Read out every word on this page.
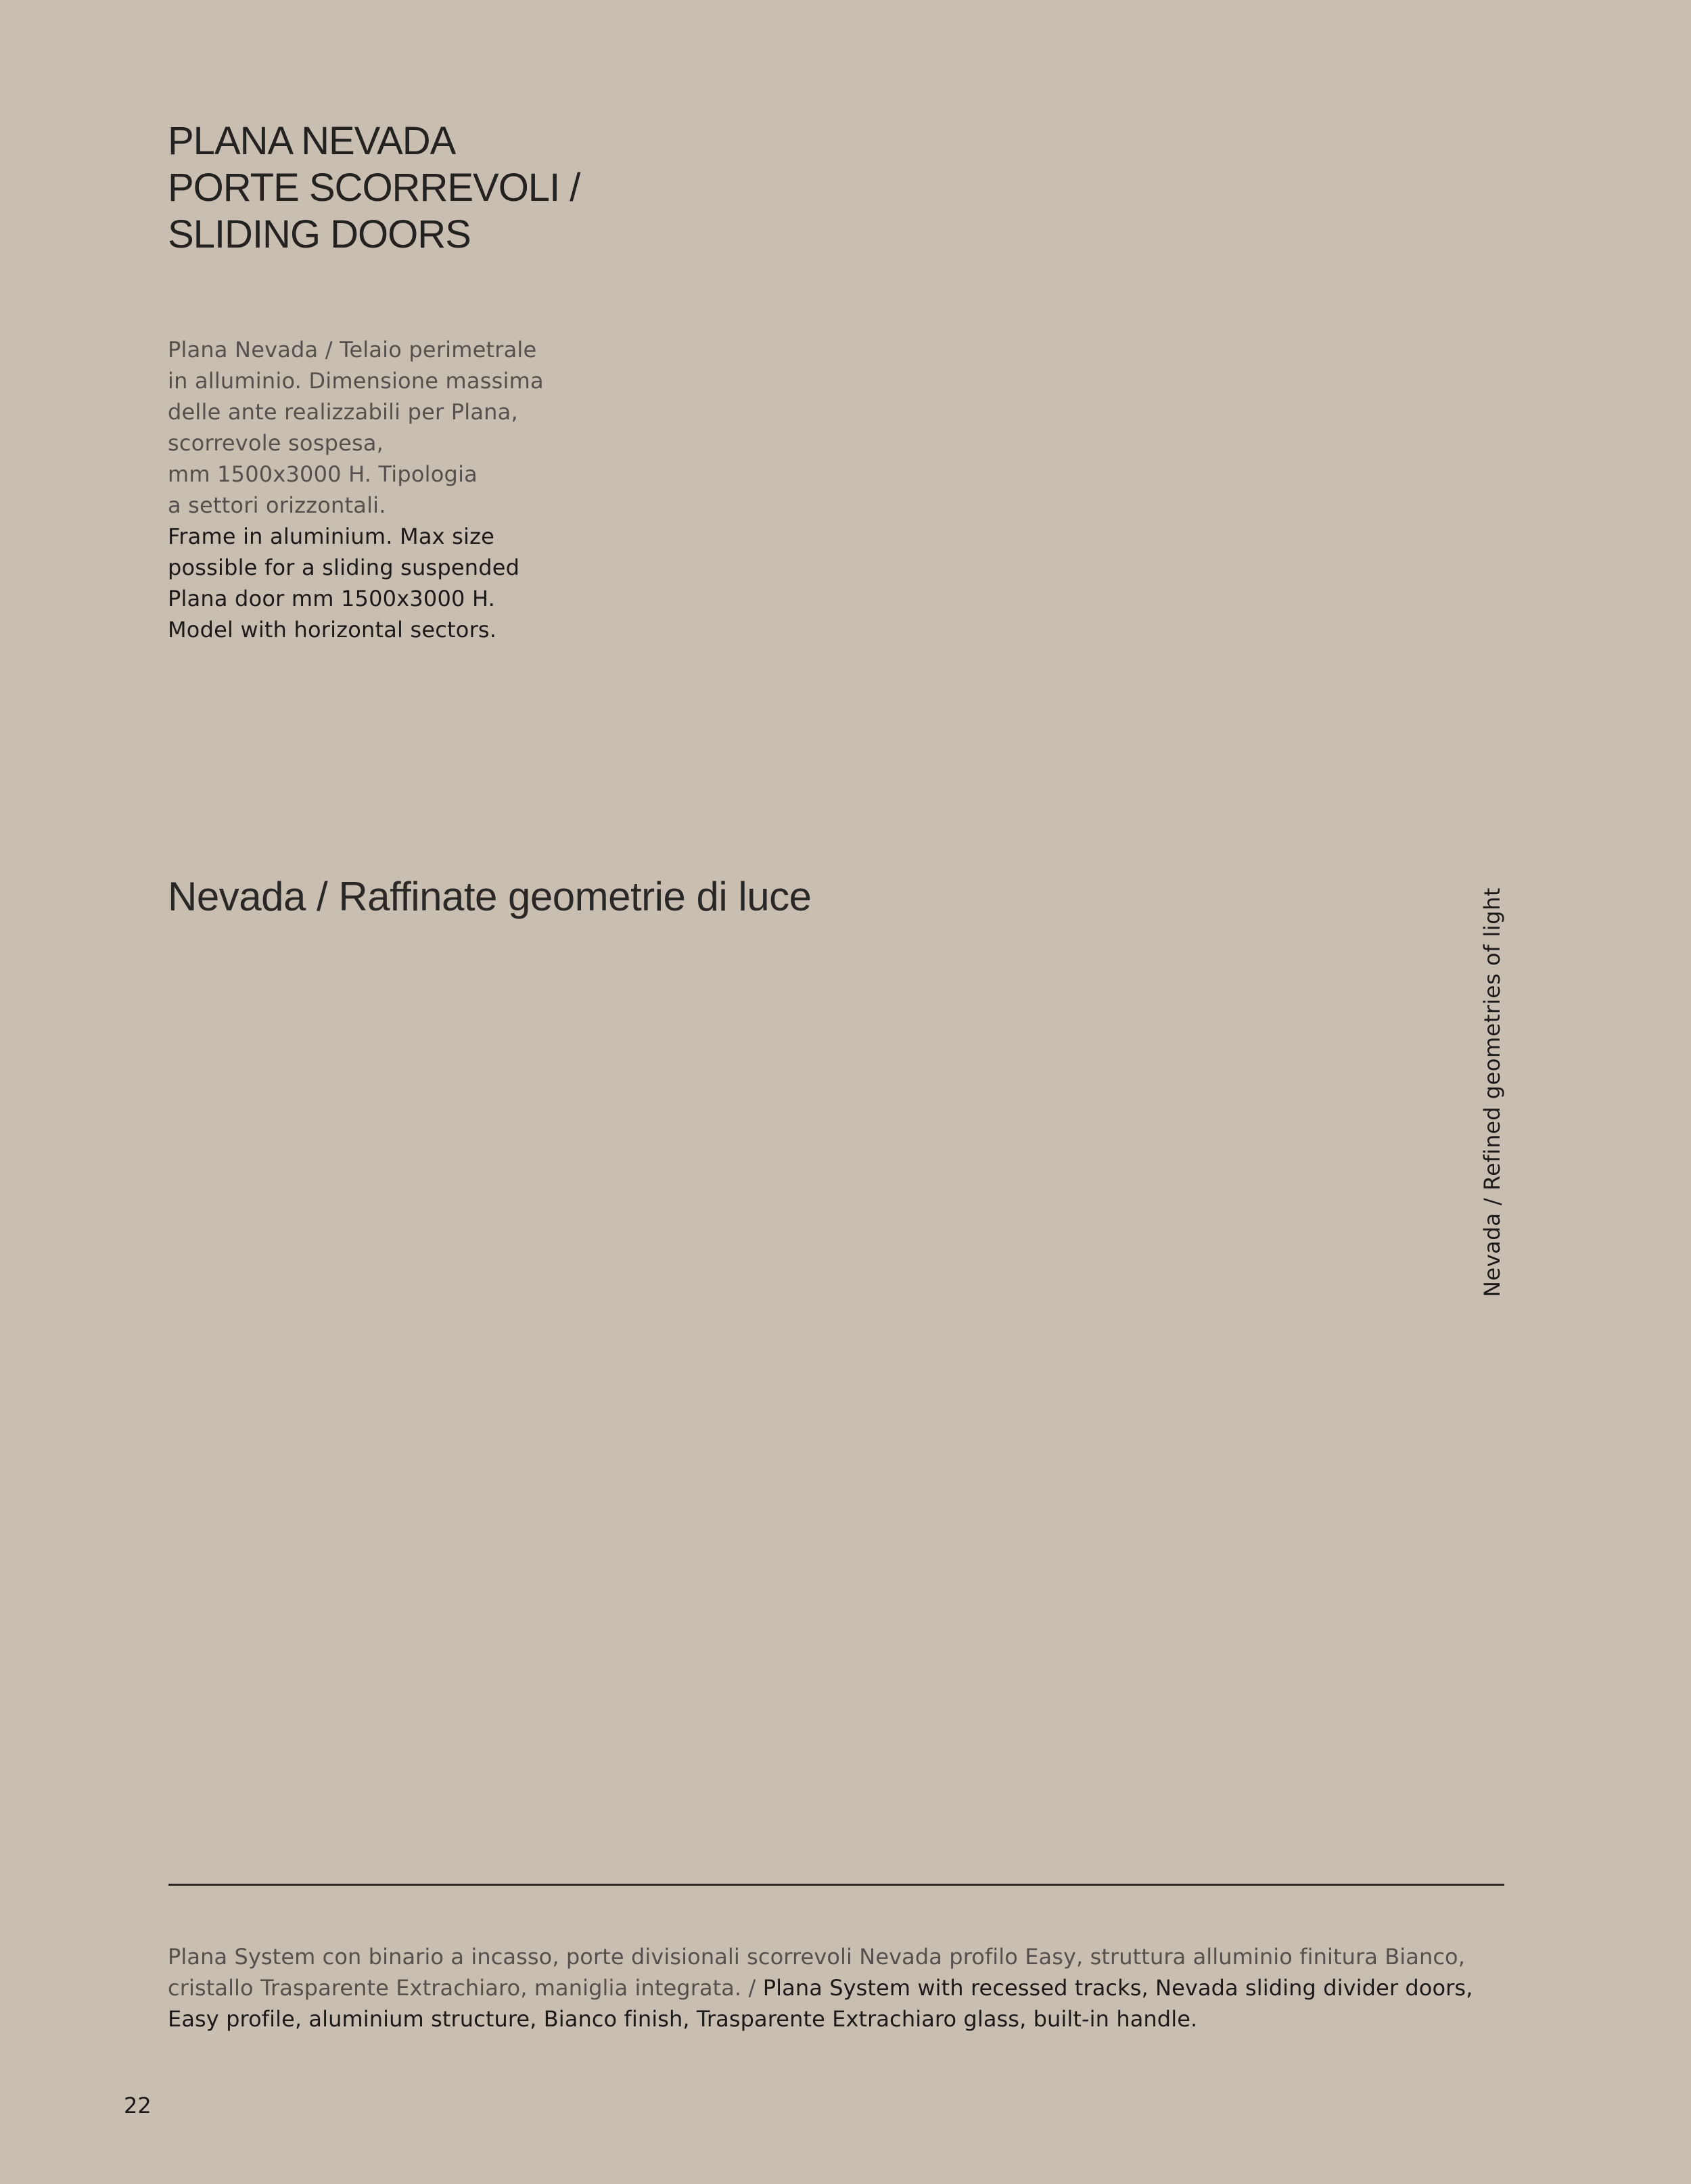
PLANA NEVADA
PORTE SCORREVOLI /
SLIDING DOORS
Plana Nevada / Telaio perimetrale
in alluminio. Dimensione massima
delle ante realizzabili per Plana,
scorrevole sospesa,
mm 1500x3000 H. Tipologia
a settori orizzontali.
Frame in aluminium. Max size
possible for a sliding suspended
Plana door mm 1500x3000 H.
Model with horizontal sectors.
Nevada / Raffinate geometrie di luce	Nevada / Refined geometries of light
Plana System con binario a incasso, porte divisionali scorrevoli Nevada profilo Easy, struttura alluminio finitura Bianco, cristallo Trasparente Extrachiaro, maniglia integrata. / Plana System with recessed tracks, Nevada sliding divider doors, Easy profile, aluminium structure, Bianco finish, Trasparente Extrachiaro glass, built-in handle.
22
